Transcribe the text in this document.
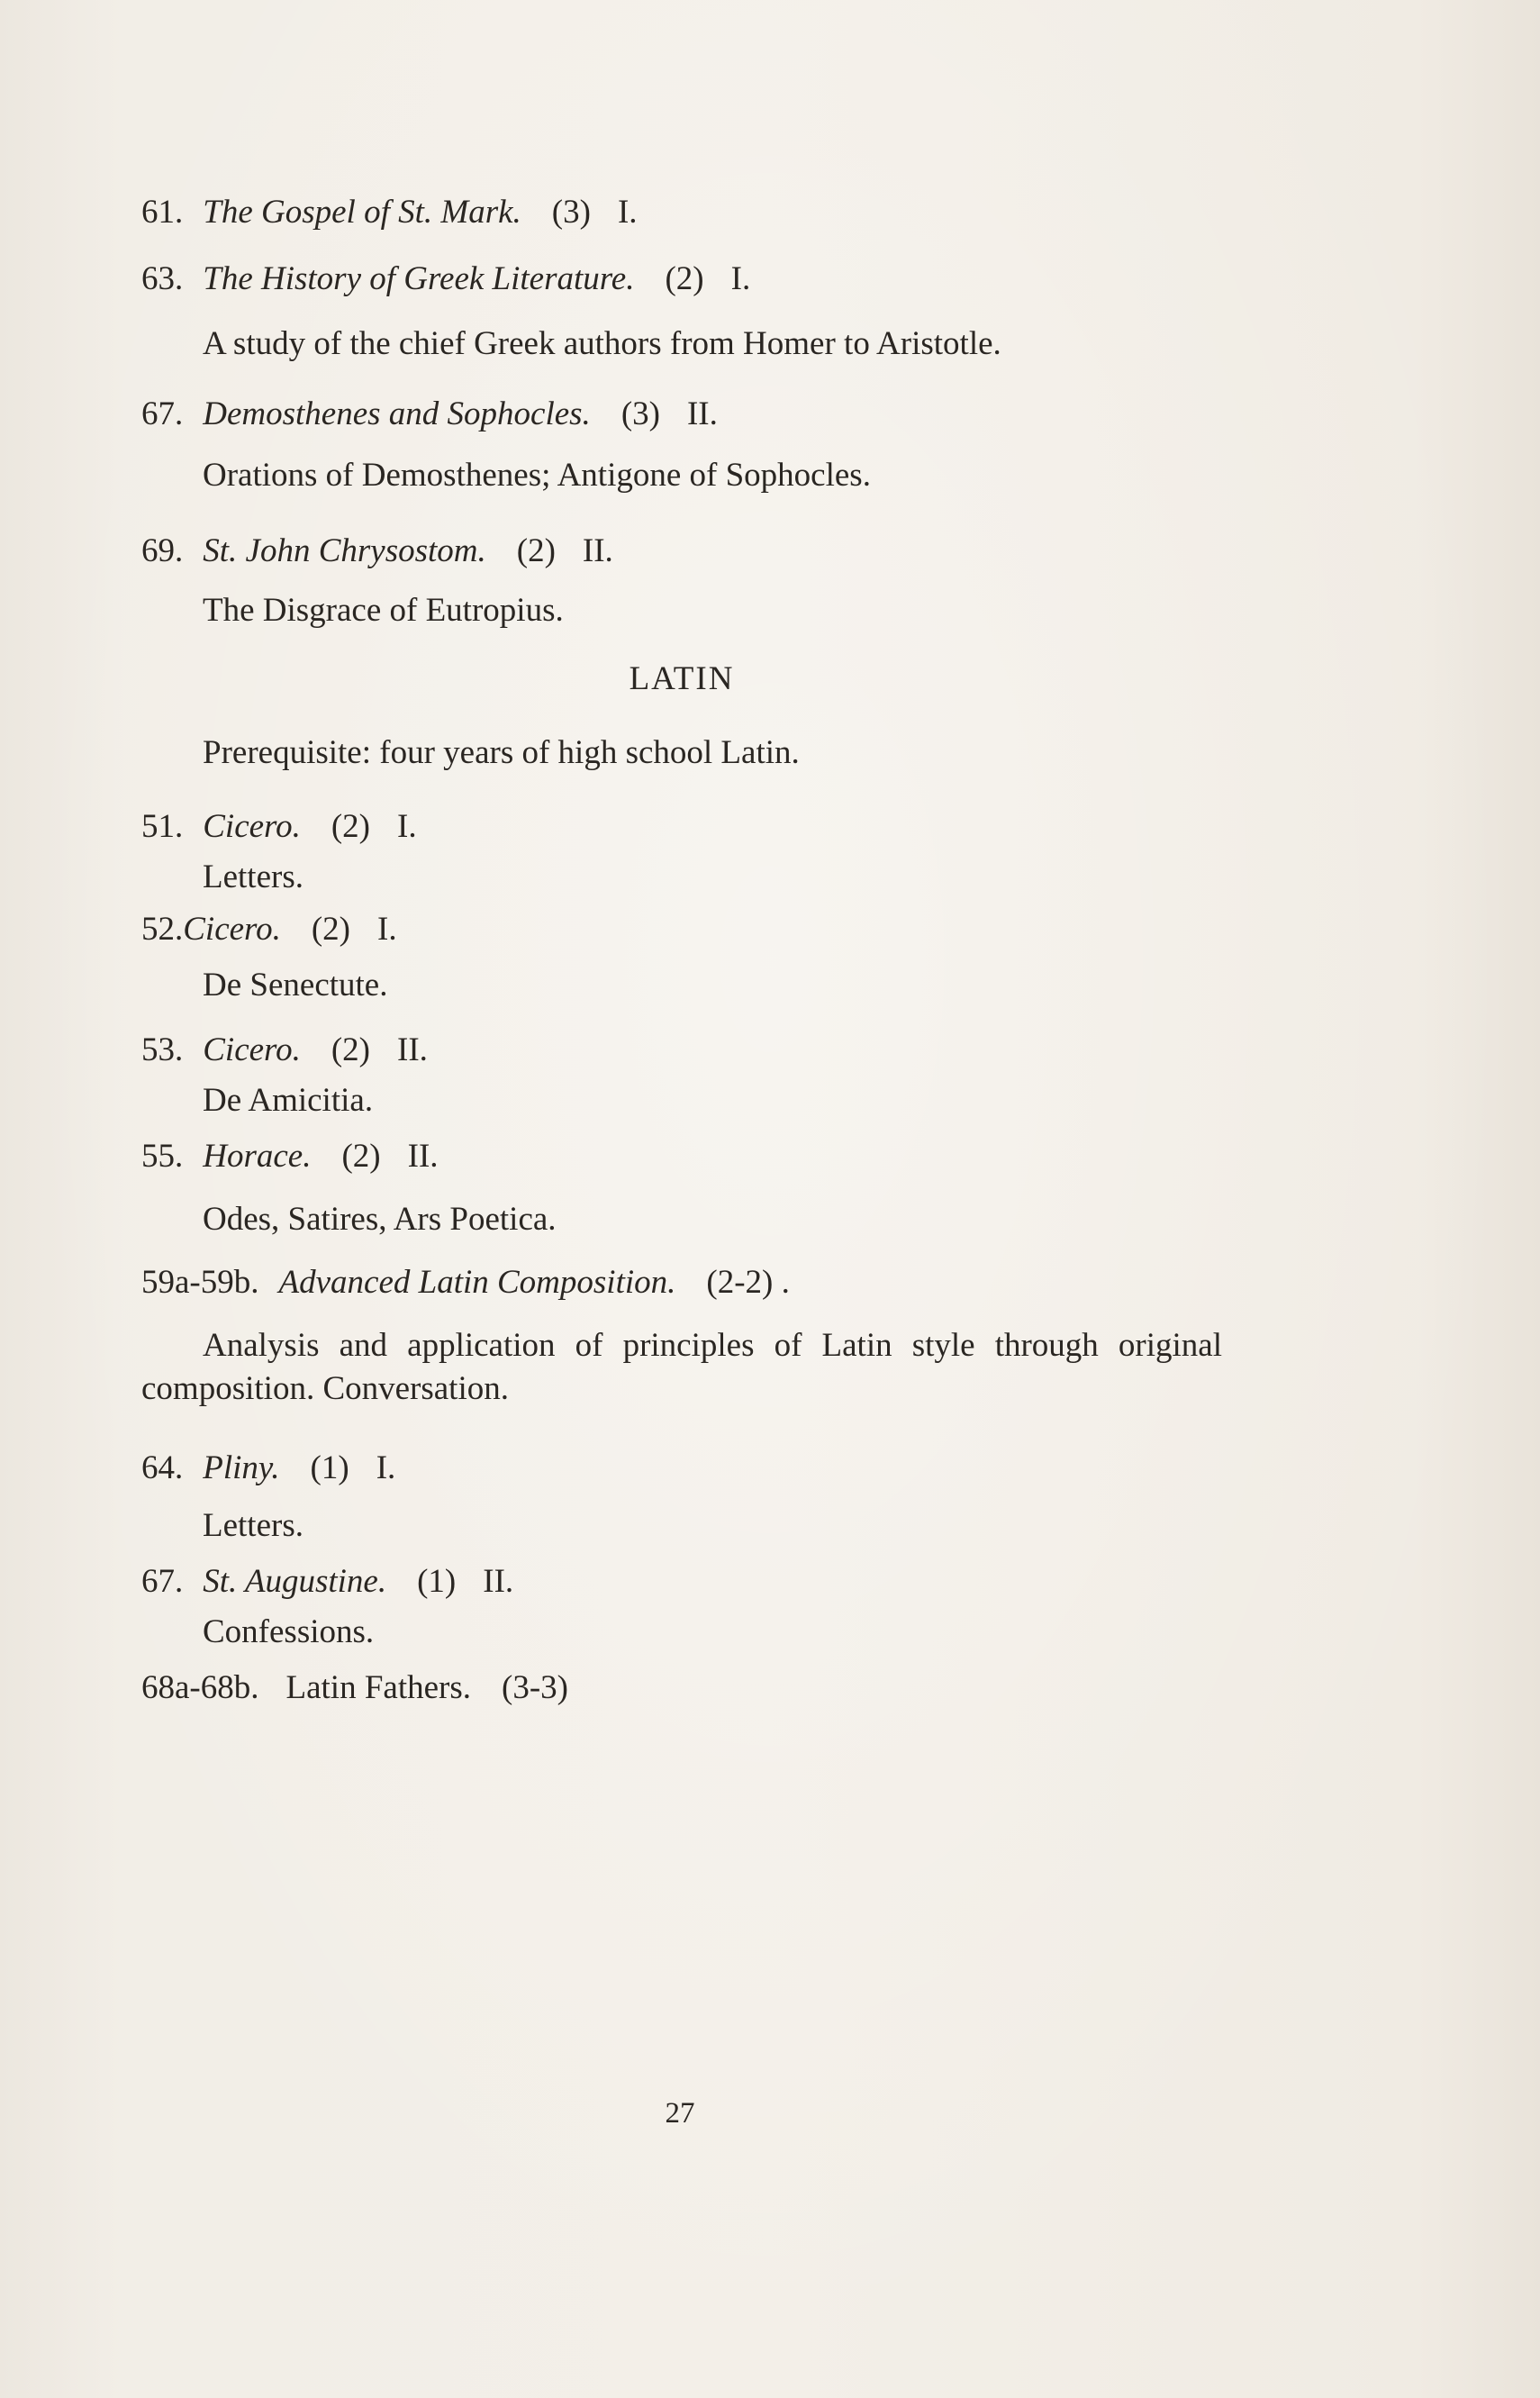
61. The Gospel of St. Mark. (3) I.
63. The History of Greek Literature. (2) I.

A study of the chief Greek authors from Homer to Aristotle.

67. Demosthenes and Sophocles. (3) II.

Orations of Demosthenes; Antigone of Sophocles.

69. St. John Chrysostom. (2) II.

The Disgrace of Eutropius.

LATIN

Prerequisite: four years of high school Latin.

51. Cicero. (2) I.

Letters.

52.Cicero. (2) I.

De Senectute.

53. Cicero. (2) II.

De Amicitia.

55. Horace. (2) II.

Odes, Satires, Ars Poetica.

59a-59b. Advanced Latin Composition. (2-2) .

Analysis and application of principles of Latin style through original composition. Conversation.

64. Pliny. (1) I.

Letters.

67. St. Augustine. (1) II.

Confessions.

68a-68b. Latin Fathers. (3-3)
27
